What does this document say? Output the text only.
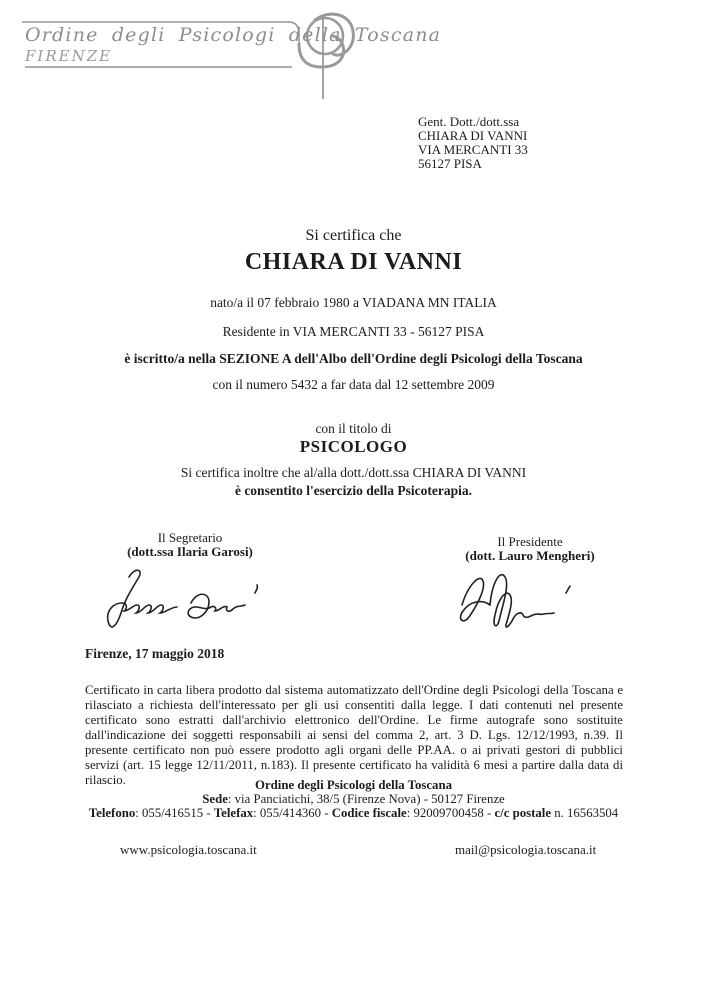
Ordine degli Psicologi della Toscana
FIRENZE
Gent. Dott./dott.ssa
CHIARA DI VANNI
VIA MERCANTI 33
56127 PISA
Si certifica che
CHIARA DI VANNI
nato/a il 07 febbraio 1980 a VIADANA MN ITALIA
Residente in VIA MERCANTI 33 - 56127 PISA
è iscritto/a nella SEZIONE A dell'Albo dell'Ordine degli Psicologi della Toscana
con il numero 5432 a far data dal 12 settembre 2009
con il titolo di
PSICOLOGO
Si certifica inoltre che al/alla dott./dott.ssa CHIARA DI VANNI
è consentito l'esercizio della Psicoterapia.
Il Segretario
(dott.ssa Ilaria Garosi)
Il Presidente
(dott. Lauro Mengheri)
Firenze, 17 maggio 2018

Certificato in carta libera prodotto dal sistema automatizzato dell'Ordine degli Psicologi della Toscana e rilasciato a richiesta dell'interessato per gli usi consentiti dalla legge. I dati contenuti nel presente certificato sono estratti dall'archivio elettronico dell'Ordine. Le firme autografe sono sostituite dall'indicazione dei soggetti responsabili ai sensi del comma 2, art. 3 D. Lgs. 12/12/1993, n.39. Il presente certificato non può essere prodotto agli organi delle PP.AA. o ai privati gestori di pubblici servizi (art. 15 legge 12/11/2011, n.183). Il presente certificato ha validità 6 mesi a partire dalla data di rilascio.	Ordine degli Psicologi della Toscana
Sede: via Panciatichi, 38/5 (Firenze Nova) - 50127 Firenze
Telefono: 055/416515 - Telefax: 055/414360 - Codice fiscale: 92009700458 - c/c postale n. 16563504
www.psicologia.toscana.it	mail@psicologia.toscana.it
